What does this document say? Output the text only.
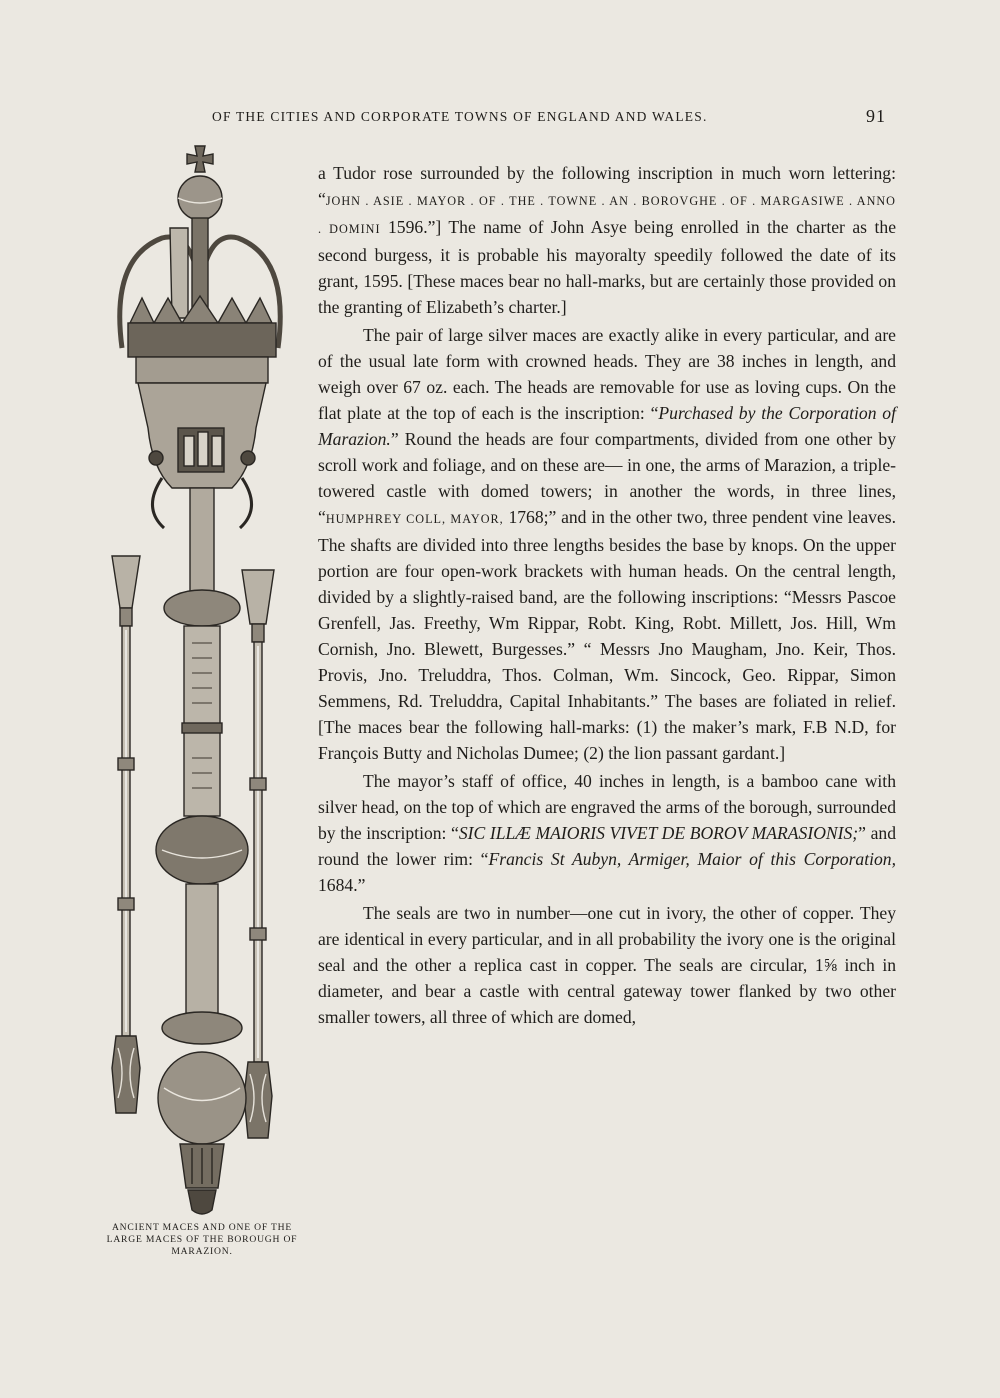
OF THE CITIES AND CORPORATE TOWNS OF ENGLAND AND WALES.	91
ANCIENT MACES AND ONE OF THE LARGE MACES OF THE BOROUGH OF MARAZION.

a Tudor rose surrounded by the following inscription in much worn lettering: “JOHN . ASIE . MAYOR . OF . THE . TOWNE . AN . BOROVGHE . OF . MARGASIWE . ANNO . DOMINI 1596.”] The name of John Asye being enrolled in the charter as the second burgess, it is probable his mayoralty speedily followed the date of its grant, 1595. [These maces bear no hall-marks, but are certainly those provided on the granting of Elizabeth’s charter.]

The pair of large silver maces are exactly alike in every particular, and are of the usual late form with crowned heads. They are 38 inches in length, and weigh over 67 oz. each. The heads are removable for use as loving cups. On the flat plate at the top of each is the inscription: “Purchased by the Corporation of Marazion.” Round the heads are four compartments, divided from one other by scroll work and foliage, and on these are— in one, the arms of Marazion, a triple-towered castle with domed towers; in another the words, in three lines, “HUMPHREY COLL, MAYOR, 1768;” and in the other two, three pendent vine leaves. The shafts are divided into three lengths besides the base by knops. On the upper portion are four open-work brackets with human heads. On the central length, divided by a slightly-raised band, are the following inscriptions: “Messrs Pascoe Grenfell, Jas. Freethy, Wm Rippar, Robt. King, Robt. Millett, Jos. Hill, Wm Cornish, Jno. Blewett, Burgesses.” “ Messrs Jno Maugham, Jno. Keir, Thos. Provis, Jno. Treluddra, Thos. Colman, Wm. Sincock, Geo. Rippar, Simon Semmens, Rd. Treluddra, Capital Inhabitants.” The bases are foliated in relief. [The maces bear the following hall-marks: (1) the maker’s mark, F.B N.D, for François Butty and Nicholas Dumee; (2) the lion passant gardant.]

The mayor’s staff of office, 40 inches in length, is a bamboo cane with silver head, on the top of which are engraved the arms of the borough, surrounded by the inscription: “SIC ILLÆ MAIORIS VIVET DE BOROV MARASIONIS;” and round the lower rim: “Francis St Aubyn, Armiger, Maior of this Corporation, 1684.”

The seals are two in number—one cut in ivory, the other of copper. They are identical in every particular, and in all probability the ivory one is the original seal and the other a replica cast in copper. The seals are circular, 1⅝ inch in diameter, and bear a castle with central gateway tower flanked by two other smaller towers, all three of which are domed,
